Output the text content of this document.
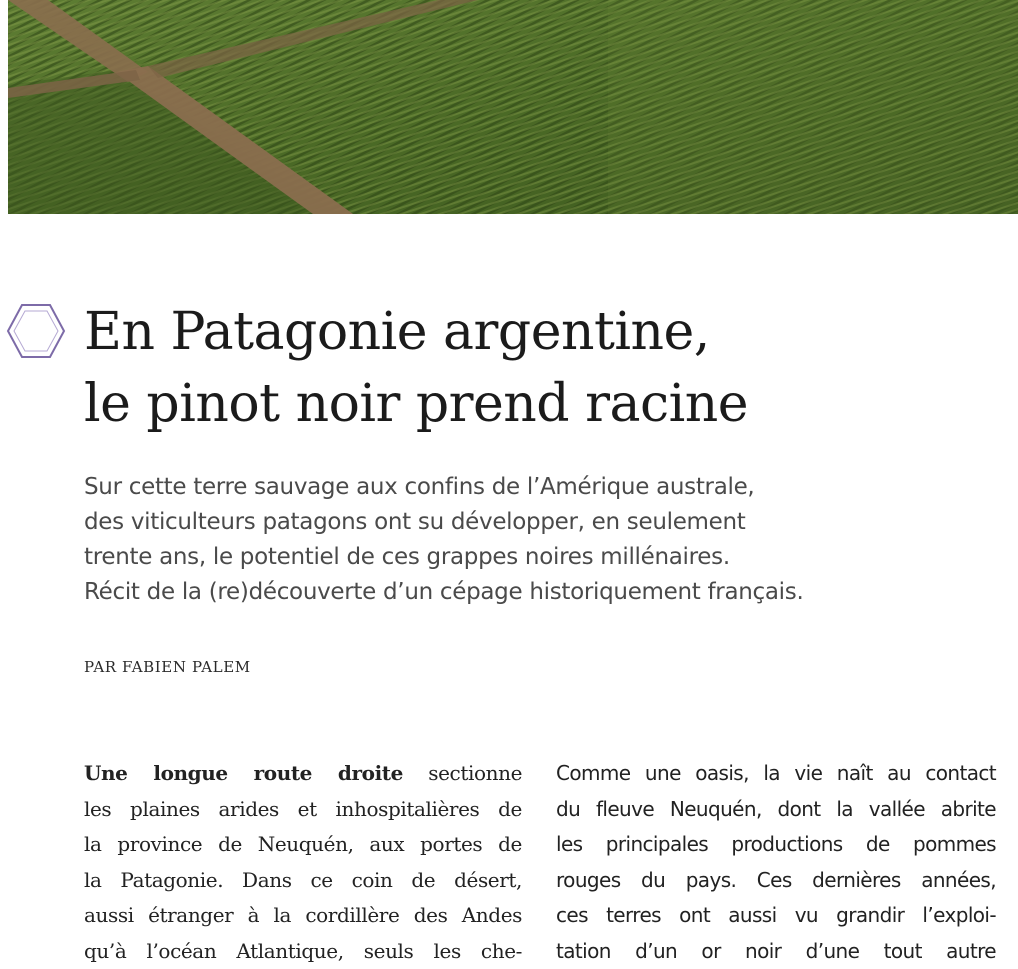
En Patagonie argentine,
le pinot noir prend racine

Sur cette terre sauvage aux confins de l’Amérique australe,
des viticulteurs patagons ont su développer, en seulement
trente ans, le potentiel de ces grappes noires millénaires.
Récit de la (re)découverte d’un cépage historiquement français.

PAR FABIEN PALEM

Une longue route droite sectionne
les plaines arides et inhospitalières de
la province de Neuquén, aux portes de
la Patagonie. Dans ce coin de désert,
aussi étranger à la cordillère des Andes
qu’à l’océan Atlantique, seuls les che-
Comme une oasis, la vie naît au contact
du fleuve Neuquén, dont la vallée abrite
les principales productions de pommes
rouges du pays. Ces dernières années,
ces terres ont aussi vu grandir l’exploi-
tation d’un or noir d’une tout autre
